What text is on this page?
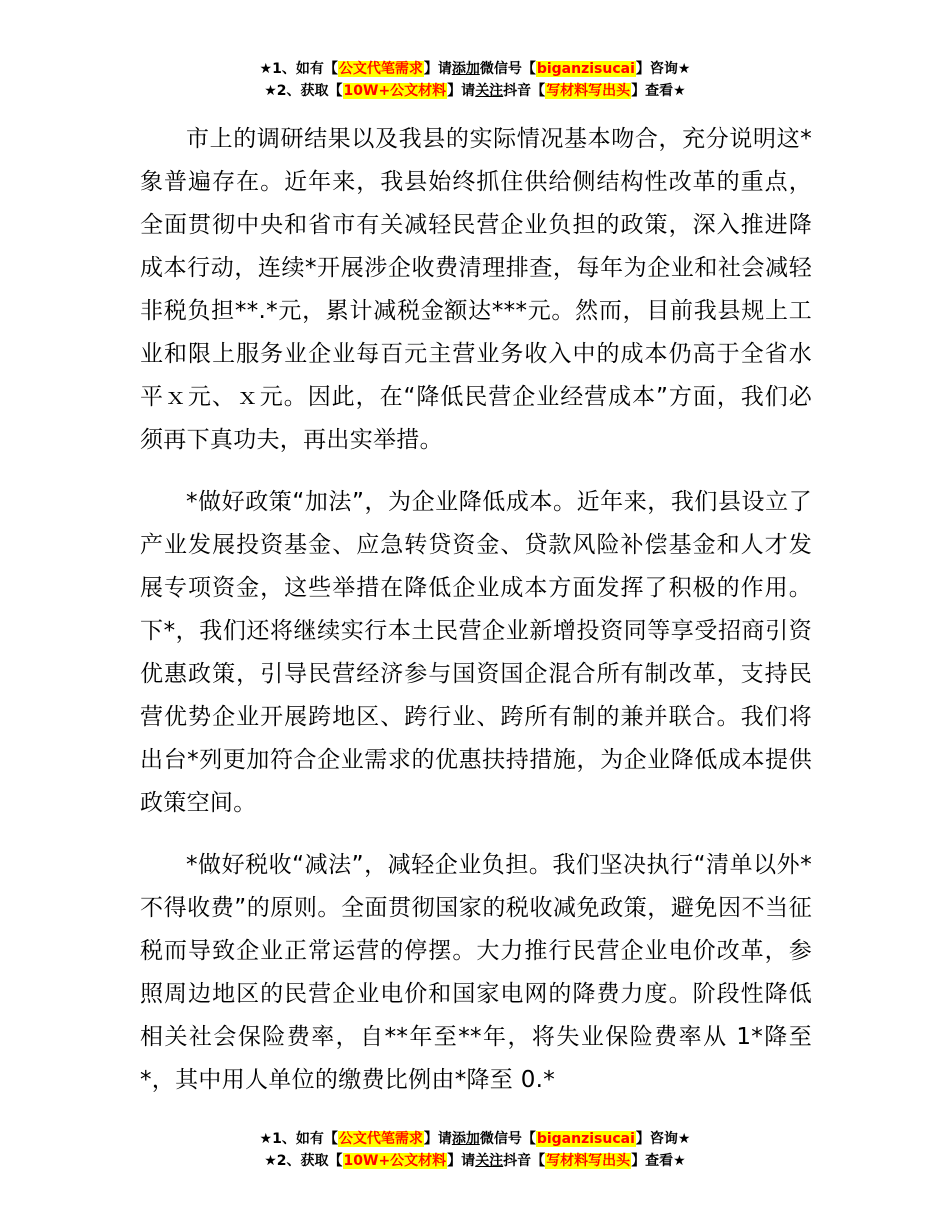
★1、如有【公文代笔需求】请添加微信号【biganzisucai】咨询★
★2、获取【10W+公文材料】请关注抖音【写材料写出头】查看★

市上的调研结果以及我县的实际情况基本吻合，充分说明这*象普遍存在。近年来，我县始终抓住供给侧结构性改革的重点，全面贯彻中央和省市有关减轻民营企业负担的政策，深入推进降成本行动，连续*开展涉企收费清理排查，每年为企业和社会减轻非税负担**.*元，累计减税金额达***元。然而，目前我县规上工业和限上服务业企业每百元主营业务收入中的成本仍高于全省水平ｘ元、ｘ元。因此，在“降低民营企业经营成本”方面，我们必须再下真功夫，再出实举措。

*做好政策“加法”，为企业降低成本。近年来，我们县设立了产业发展投资基金、应急转贷资金、贷款风险补偿基金和人才发展专项资金，这些举措在降低企业成本方面发挥了积极的作用。下*，我们还将继续实行本土民营企业新增投资同等享受招商引资优惠政策，引导民营经济参与国资国企混合所有制改革，支持民营优势企业开展跨地区、跨行业、跨所有制的兼并联合。我们将出台*列更加符合企业需求的优惠扶持措施，为企业降低成本提供政策空间。

*做好税收“减法”，减轻企业负担。我们坚决执行“清单以外*不得收费”的原则。全面贯彻国家的税收减免政策，避免因不当征税而导致企业正常运营的停摆。大力推行民营企业电价改革，参照周边地区的民营企业电价和国家电网的降费力度。阶段性降低相关社会保险费率，自**年至**年，将失业保险费率从 1*降至*，其中用人单位的缴费比例由*降至 0.*

★1、如有【公文代笔需求】请添加微信号【biganzisucai】咨询★
★2、获取【10W+公文材料】请关注抖音【写材料写出头】查看★
